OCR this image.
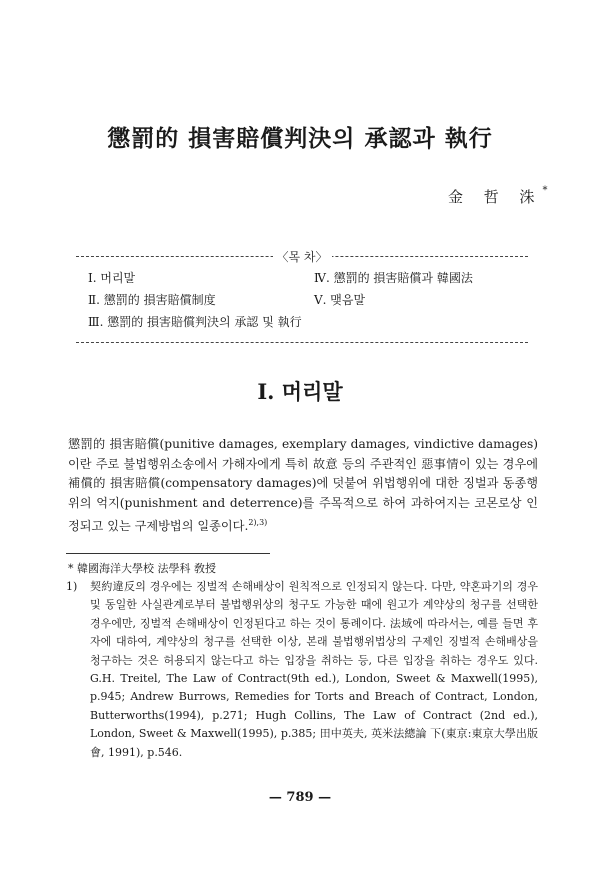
懲罰的 損害賠償判決의 承認과 執行
金 哲 洙*
〈목 차〉
Ⅰ. 머리말
Ⅱ. 懲罰的 損害賠償制度
Ⅲ. 懲罰的 損害賠償判決의 承認 및 執行
Ⅳ. 懲罰的 損害賠償과 韓國法
Ⅴ. 맺음말
Ⅰ. 머리말
懲罰的 損害賠償(punitive damages, exemplary damages, vindictive damages)이란 주로 불법행위소송에서 가해자에게 특히 故意 등의 주관적인 惡事情이 있는 경우에 補償的 損害賠償(compensatory damages)에 덧붙여 위법행위에 대한 징벌과 동종행위의 억지(punishment and deterrence)를 주목적으로 하여 과하여지는 코몬로상 인정되고 있는 구제방법의 일종이다.$^{2),3)}$
* 韓國海洋大學校 法學科 敎授
1) 契約違反의 경우에는 징벌적 손해배상이 원칙적으로 인정되지 않는다. 다만, 약혼파기의 경우 및 동일한 사실관계로부터 불법행위상의 청구도 가능한 때에 원고가 계약상의 청구를 선택한 경우에만, 징벌적 손해배상이 인정된다고 하는 것이 통례이다. 法域에 따라서는, 예를 들면 후자에 대하여, 계약상의 청구를 선택한 이상, 본래 불법행위법상의 구제인 징벌적 손해배상을 청구하는 것은 허용되지 않는다고 하는 입장을 취하는 등, 다른 입장을 취하는 경우도 있다. G.H. Treitel, The Law of Contract(9th ed.), London, Sweet & Maxwell(1995), p.945; Andrew Burrows, Remedies for Torts and Breach of Contract, London, Butterworths(1994), p.271; Hugh Collins, The Law of Contract (2nd ed.), London, Sweet & Maxwell(1995), p.385; 田中英夫, 英米法總論 下(東京:東京大學出版會, 1991), p.546.
— 789 —
